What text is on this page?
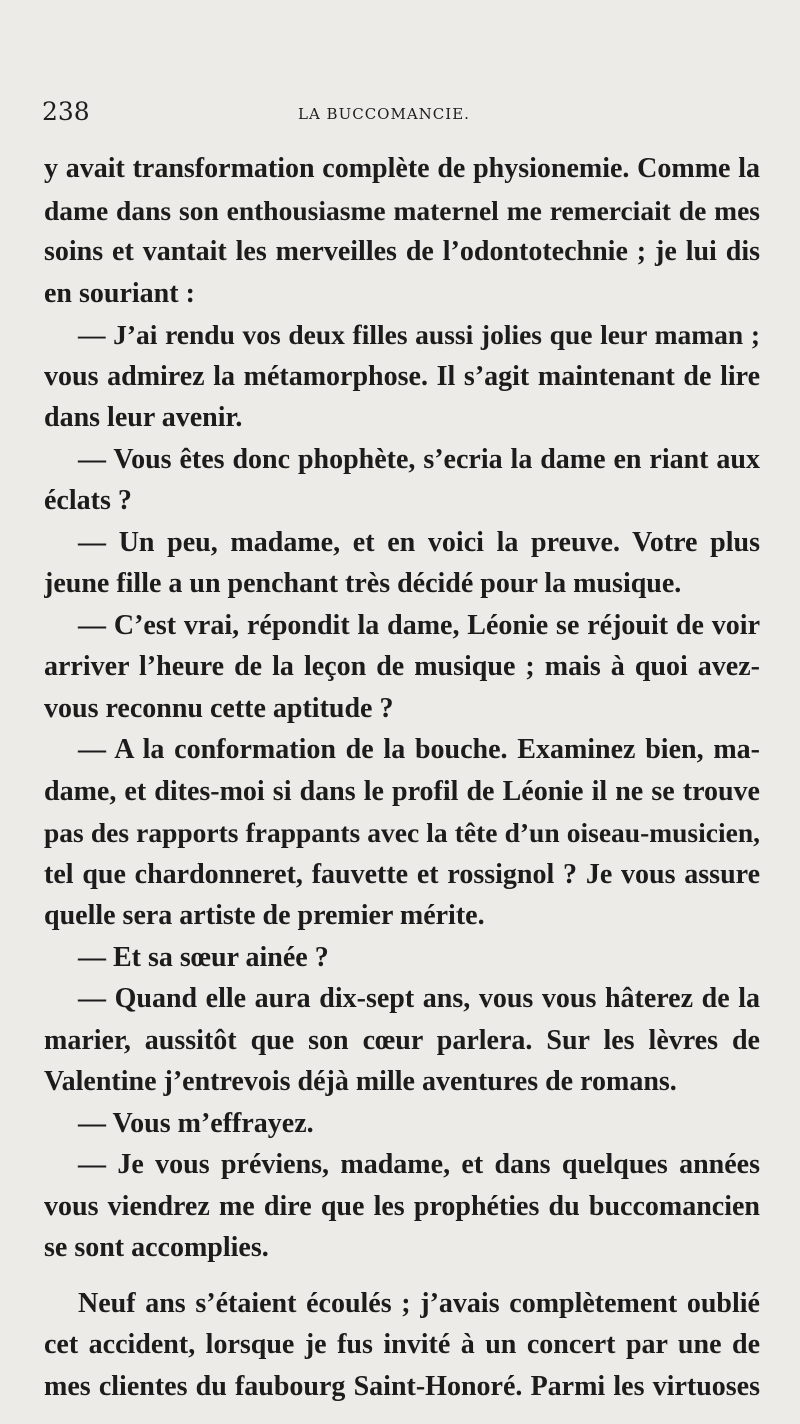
238	LA BUCCOMANCIE.
y avait transformation complète de physionemie. Comme la
dame dans son enthousiasme maternel me remerciait de mes
soins et vantait les merveilles de l’odontotechnie ; je lui dis
en souriant :
— J’ai rendu vos deux filles aussi jolies que leur maman ;
vous admirez la métamorphose. Il s’agit maintenant de lire
dans leur avenir.
— Vous êtes donc phophète, s’ecria la dame en riant aux
éclats ?
— Un peu, madame, et en voici la preuve. Votre plus
jeune fille a un penchant très décidé pour la musique.
— C’est vrai, répondit la dame, Léonie se réjouit de voir
arriver l’heure de la leçon de musique ; mais à quoi avez-
vous reconnu cette aptitude ?
— A la conformation de la bouche. Examinez bien, ma-
dame, et dites-moi si dans le profil de Léonie il ne se trouve
pas des rapports frappants avec la tête d’un oiseau-musicien,
tel que chardonneret, fauvette et rossignol ? Je vous assure
quelle sera artiste de premier mérite.
— Et sa sœur ainée ?
— Quand elle aura dix-sept ans, vous vous hâterez de la
marier, aussitôt que son cœur parlera. Sur les lèvres de
Valentine j’entrevois déjà mille aventures de romans.
— Vous m’effrayez.
— Je vous préviens, madame, et dans quelques années
vous viendrez me dire que les prophéties du buccomancien
se sont accomplies.
Neuf ans s’étaient écoulés ; j’avais complètement oublié
cet accident, lorsque je fus invité à un concert par une de
mes clientes du faubourg Saint-Honoré. Parmi les virtuoses
